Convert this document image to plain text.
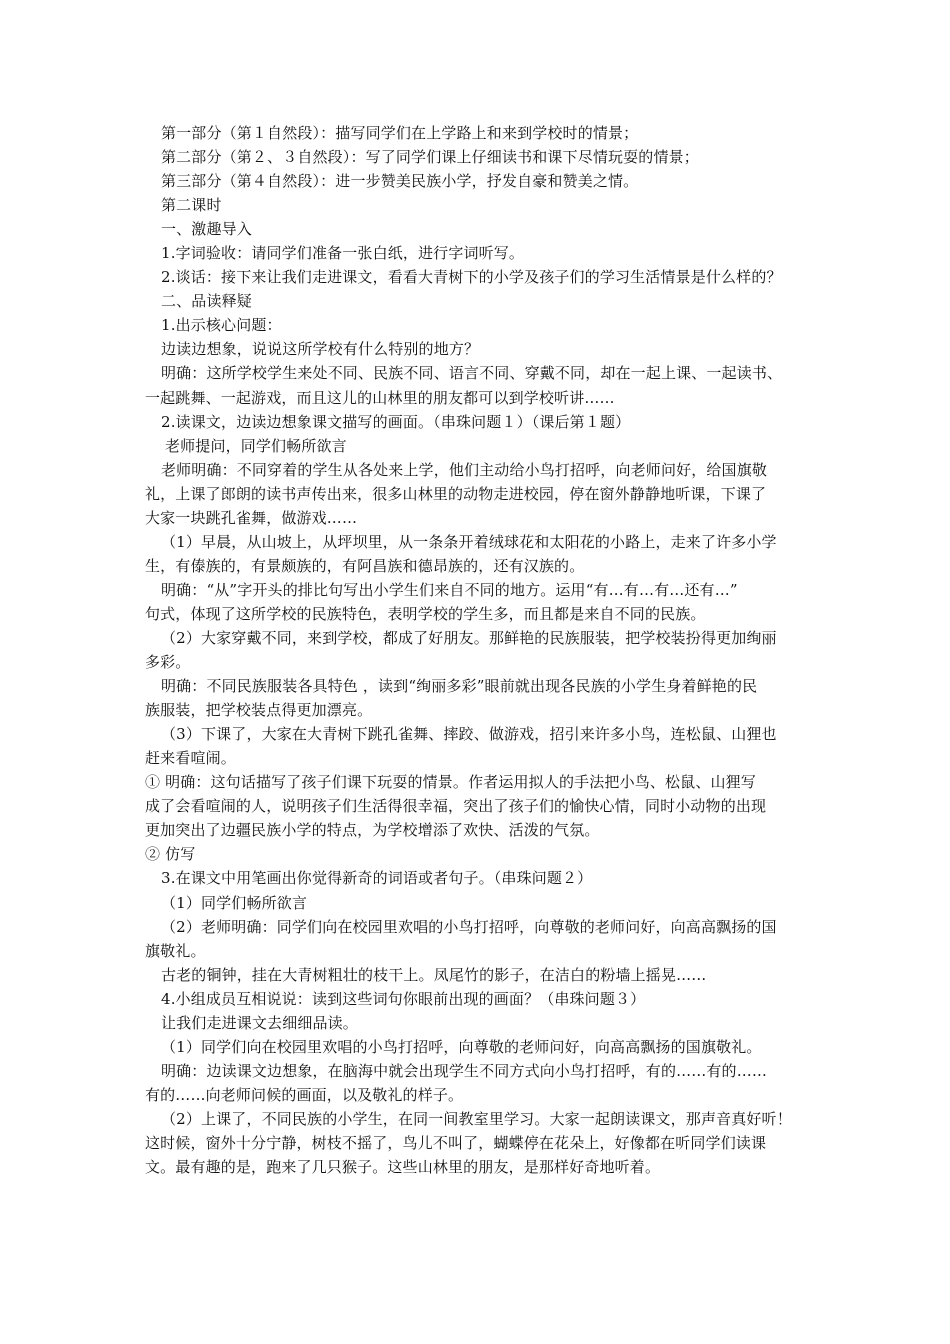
第一部分（第１自然段）：描写同学们在上学路上和来到学校时的情景；
第二部分（第２、３自然段）：写了同学们课上仔细读书和课下尽情玩耍的情景；
第三部分（第４自然段）：进一步赞美民族小学，抒发自豪和赞美之情。
第二课时
一、激趣导入
1.字词验收：请同学们准备一张白纸，进行字词听写。
2.谈话：接下来让我们走进课文，看看大青树下的小学及孩子们的学习生活情景是什么样的？
二、品读释疑
1.出示核心问题：
边读边想象，说说这所学校有什么特别的地方？
明确：这所学校学生来处不同、民族不同、语言不同、穿戴不同，却在一起上课、一起读书、
一起跳舞、一起游戏，而且这儿的山林里的朋友都可以到学校听讲……
2.读课文，边读边想象课文描写的画面。（串珠问题１）（课后第１题）
老师提问，同学们畅所欲言
老师明确：不同穿着的学生从各处来上学，他们主动给小鸟打招呼，向老师问好，给国旗敬
礼，上课了郎朗的读书声传出来，很多山林里的动物走进校园，停在窗外静静地听课，下课了
大家一块跳孔雀舞，做游戏……
（1）早晨，从山坡上，从坪坝里，从一条条开着绒球花和太阳花的小路上，走来了许多小学
生，有傣族的，有景颇族的，有阿昌族和德昂族的，还有汉族的。
明确：“从”字开头的排比句写出小学生们来自不同的地方。运用“有…有…有…还有…”
句式，体现了这所学校的民族特色，表明学校的学生多，而且都是来自不同的民族。
（2）大家穿戴不同，来到学校，都成了好朋友。那鲜艳的民族服装，把学校装扮得更加绚丽
多彩。
明确：不同民族服装各具特色 ，读到“绚丽多彩”眼前就出现各民族的小学生身着鲜艳的民
族服装，把学校装点得更加漂亮。
（3）下课了，大家在大青树下跳孔雀舞、摔跤、做游戏，招引来许多小鸟，连松鼠、山狸也
赶来看喧闹。
① 明确：这句话描写了孩子们课下玩耍的情景。作者运用拟人的手法把小鸟、松鼠、山狸写
成了会看喧闹的人，说明孩子们生活得很幸福，突出了孩子们的愉快心情，同时小动物的出现
更加突出了边疆民族小学的特点，为学校增添了欢快、活泼的气氛。
② 仿写
3.在课文中用笔画出你觉得新奇的词语或者句子。（串珠问题２）
（1）同学们畅所欲言
（2）老师明确：同学们向在校园里欢唱的小鸟打招呼，向尊敬的老师问好，向高高飘扬的国
旗敬礼。
古老的铜钟，挂在大青树粗壮的枝干上。凤尾竹的影子，在洁白的粉墙上摇晃……
4.小组成员互相说说：读到这些词句你眼前出现的画面？（串珠问题３）
让我们走进课文去细细品读。
（1）同学们向在校园里欢唱的小鸟打招呼，向尊敬的老师问好，向高高飘扬的国旗敬礼。
明确：边读课文边想象，在脑海中就会出现学生不同方式向小鸟打招呼，有的……有的……
有的……向老师问候的画面，以及敬礼的样子。
（2）上课了，不同民族的小学生，在同一间教室里学习。大家一起朗读课文，那声音真好听！
这时候，窗外十分宁静，树枝不摇了，鸟儿不叫了，蝴蝶停在花朵上，好像都在听同学们读课
文。最有趣的是，跑来了几只猴子。这些山林里的朋友，是那样好奇地听着。
